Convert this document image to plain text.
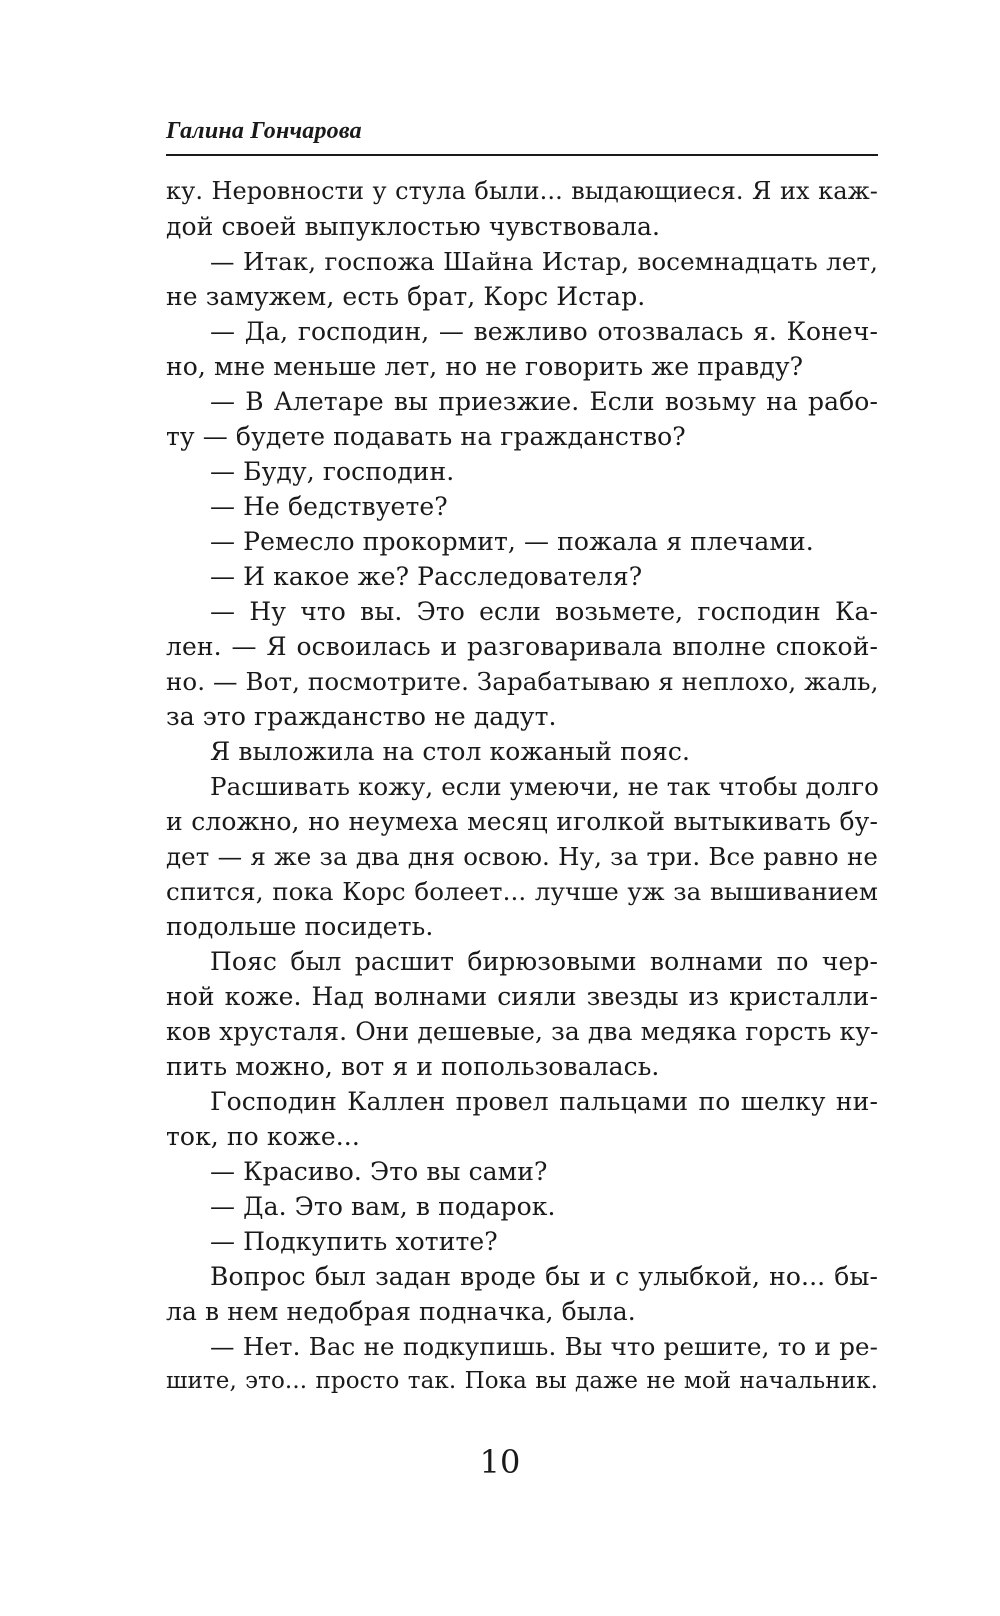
Галина Гончарова
ку. Неровности у стула были... выдающиеся. Я их каж-
дой своей выпуклостью чувствовала.
— Итак, госпожа Шайна Истар, восемнадцать лет,
не замужем, есть брат, Корс Истар.
— Да, господин, — вежливо отозвалась я. Конеч-
но, мне меньше лет, но не говорить же правду?
— В Алетаре вы приезжие. Если возьму на рабо-
ту — будете подавать на гражданство?
— Буду, господин.
— Не бедствуете?
— Ремесло прокормит, — пожала я плечами.
— И какое же? Расследователя?
— Ну что вы. Это если возьмете, господин Ка-
лен. — Я освоилась и разговаривала вполне спокой-
но. — Вот, посмотрите. Зарабатываю я неплохо, жаль,
за это гражданство не дадут.
Я выложила на стол кожаный пояс.
Расшивать кожу, если умеючи, не так чтобы долго
и сложно, но неумеха месяц иголкой вытыкивать бу-
дет — я же за два дня освою. Ну, за три. Все равно не
спится, пока Корс болеет... лучше уж за вышиванием
подольше посидеть.
Пояс был расшит бирюзовыми волнами по чер-
ной коже. Над волнами сияли звезды из кристалли-
ков хрусталя. Они дешевые, за два медяка горсть ку-
пить можно, вот я и попользовалась.
Господин Каллен провел пальцами по шелку ни-
ток, по коже...
— Красиво. Это вы сами?
— Да. Это вам, в подарок.
— Подкупить хотите?
Вопрос был задан вроде бы и с улыбкой, но... бы-
ла в нем недобрая подначка, была.
— Нет. Вас не подкупишь. Вы что решите, то и ре-
шите, это... просто так. Пока вы даже не мой начальник.
10
